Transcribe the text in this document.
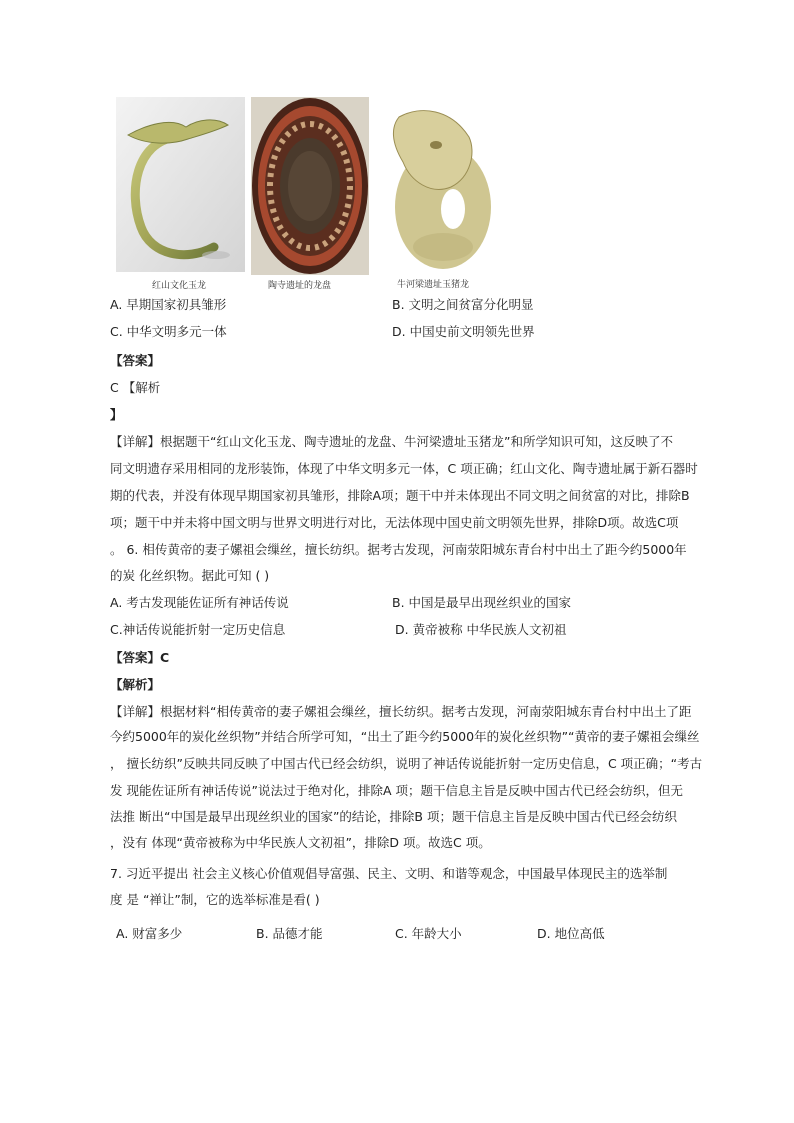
红山文化玉龙	陶寺遗址的龙盘	牛河梁遗址玉猪龙
A. 早期国家初具雏形	B. 文明之间贫富分化明显
C. 中华文明多元一体	D. 中国史前文明领先世界
【答案】
C 【解析
】
【详解】根据题干“红山文化玉龙、陶寺遗址的龙盘、牛河梁遗址玉猪龙”和所学知识可知，这反映了不
同文明遗存采用相同的龙形装饰，体现了中华文明多元一体，C 项正确；红山文化、陶寺遗址属于新石器时
期的代表，并没有体现早期国家初具雏形，排除A项；题干中并未体现出不同文明之间贫富的对比，排除B
项；题干中并未将中国文明与世界文明进行对比，无法体现中国史前文明领先世界，排除D项。故选C项
。 6. 相传黄帝的妻子嫘祖会缫丝，擅长纺织。据考古发现，河南荥阳城东青台村中出土了距今约5000年
的炭 化丝织物。据此可知 ( )
A. 考古发现能佐证所有神话传说	B. 中国是最早出现丝织业的国家
C.神话传说能折射一定历史信息	D. 黄帝被称 中华民族人文初祖
【答案】C
【解析】
【详解】根据材料“相传黄帝的妻子嫘祖会缫丝，擅长纺织。据考古发现，河南荥阳城东青台村中出土了距
今约5000年的炭化丝织物”并结合所学可知，“出土了距今约5000年的炭化丝织物”“黄帝的妻子嫘祖会缫丝
， 擅长纺织”反映共同反映了中国古代已经会纺织，说明了神话传说能折射一定历史信息，C 项正确；“考古
发 现能佐证所有神话传说”说法过于绝对化，排除A 项；题干信息主旨是反映中国古代已经会纺织，但无
法推 断出“中国是最早出现丝织业的国家”的结论，排除B 项；题干信息主旨是反映中国古代已经会纺织
，没有 体现“黄帝被称为中华民族人文初祖”，排除D 项。故选C 项。
7. 习近平提出 社会主义核心价值观倡导富强、民主、文明、和谐等观念，中国最早体现民主的选举制
度 是 “禅让”制，它的选举标准是看( )
A. 财富多少	B. 品德才能	C. 年龄大小	D. 地位高低
